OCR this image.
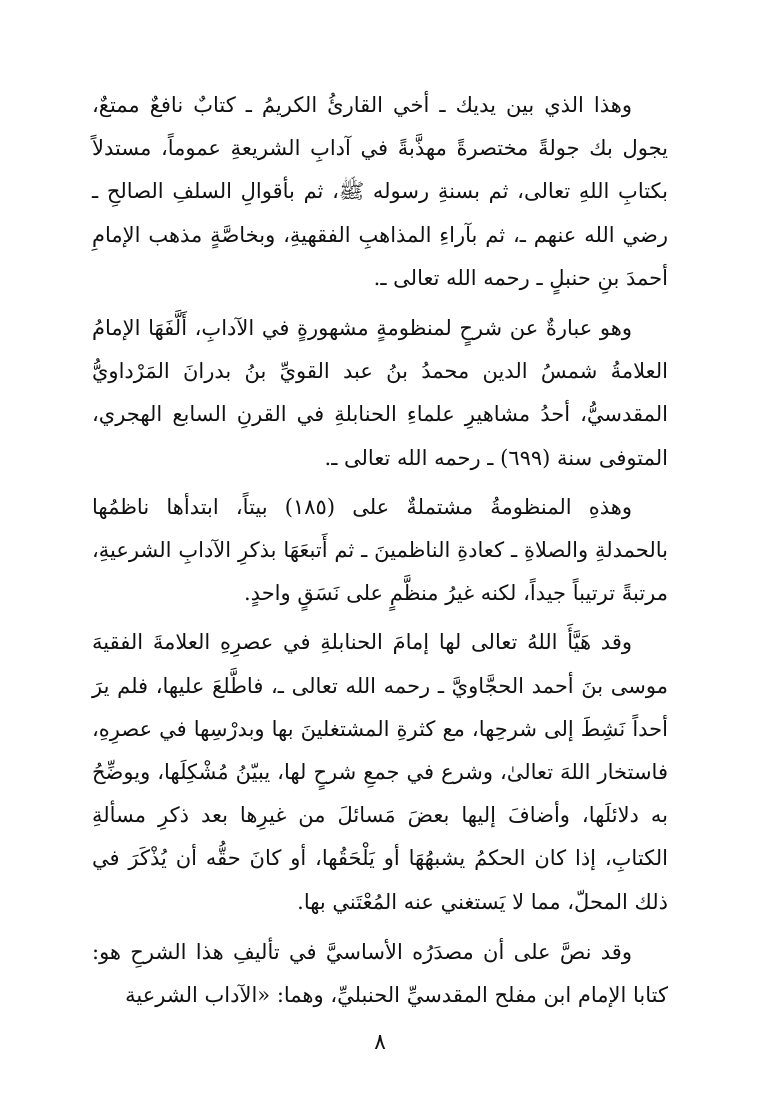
وهذا الذي بين يديك ـ أخي القارئُ الكريمُ ـ كتابٌ نافعٌ ممتعٌ، يجول بك جولةً مختصرةً مهذَّبةً في آدابِ الشريعةِ عموماً، مستدلاً بكتابِ اللهِ تعالى، ثم بسنةِ رسوله ﷺ، ثم بأقوالِ السلفِ الصالحِ ـ رضي الله عنهم ـ، ثم بآراءِ المذاهبِ الفقهيةِ، وبخاصَّةٍ مذهب الإمامِ أحمدَ بنِ حنبلٍ ـ رحمه الله تعالى ـ.

وهو عبارةٌ عن شرحٍ لمنظومةٍ مشهورةٍ في الآدابِ، أَلَّفَهَا الإمامُ العلامةُ شمسُ الدين محمدُ بنُ عبد القويِّ بنُ بدرانَ المَرْداويُّ المقدسيُّ، أحدُ مشاهيرِ علماءِ الحنابلةِ في القرنِ السابع الهجري، المتوفى سنة (٦٩٩) ـ رحمه الله تعالى ـ.

وهذهِ المنظومةُ مشتملةٌ على (١٨٥) بيتاً، ابتدأها ناظمُها بالحمدلةِ والصلاةِ ـ كعادةِ الناظمينَ ـ ثم أَتبعَهَا بذكرِ الآدابِ الشرعيةِ، مرتبةً ترتيباً جيداً، لكنه غيرُ منظَّمٍ على نَسَقٍ واحدٍ.

وقد هَيَّأَ اللهُ تعالى لها إمامَ الحنابلةِ في عصرِهِ العلامةَ الفقيهَ موسى بنَ أحمد الحجَّاويَّ ـ رحمه الله تعالى ـ، فاطَّلعَ عليها، فلم يرَ أحداً نَشِطَ إلى شرحِها، مع كثرةِ المشتغلينَ بها وبدرْسِها في عصرِهِ، فاستخار اللهَ تعالىٰ، وشرع في جمعِ شرحٍ لها، يبيّنُ مُشْكِلَها، ويوضِّحُ به دلائلَها، وأضافَ إليها بعضَ مَسائلَ من غيرِها بعد ذكرِ مسألةِ الكتابِ، إذا كان الحكمُ يشبهُهَا أو يَلْحَقُها، أو كانَ حقُّه أن يُذْكَرَ في ذلك المحلّ، مما لا يَستغني عنه المُعْتَني بها.

وقد نصَّ على أن مصدَرُه الأساسيَّ في تأليفِ هذا الشرحِ هو: كتابا الإمام ابن مفلح المقدسيِّ الحنبليِّ، وهما: «الآداب الشرعية

٨
